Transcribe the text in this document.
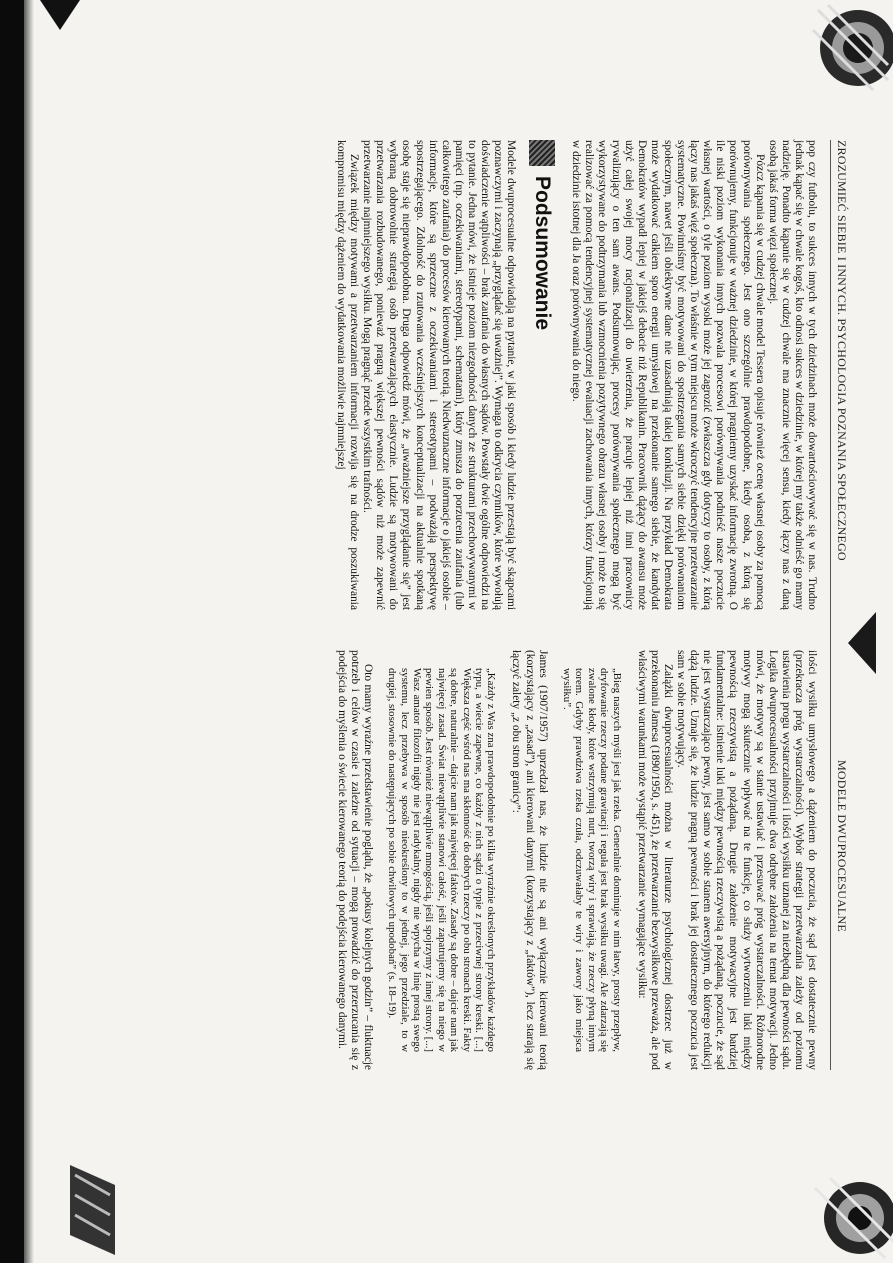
ZROZUMIEĆ SIEBIE I INNYCH. PSYCHOLOGIA POZNANIA SPOŁECZNEGO
MODELE DWUPROCESUALNE

pop czy futbolu, to sukces innych w tych dziedzinach może dowartościowywać się w nas. Trudno jednak kąpać się w chwale kogoś, kto odnosi sukces w dziedzinie, w której my także odnieść go mamy nadzieję. Ponadto kąpanie się w cudzej chwale ma znacznie więcej sensu, kiedy łączy nas z daną osobą jakaś forma więzi społecznej.

Pózcz kąpania się w cudzej chwale model Tessera opisuje również ocenę własnej osoby za pomocą porównywania społecznego. Jest ono szczególnie prawdopodobne, kiedy osoba, z którą się porównujemy, funkcjonuje w ważnej dziedzinie, w której pragniemy uzyskać informację zwrotną. O ile niski poziom wykonania innych pozwala procesowi porównywania podnieść nasze poczucie własnej wartości, o tyle poziom wysoki może jej zagrozić (zwłaszcza gdy dotyczy to osoby, z którą łączy nas jakaś więź społeczna). To właśnie w tym miejscu może wkroczyć tendencyjne przetwarzanie systematyczne. Powinniśmy być motywowani do spostrzegania samych siebie dzięki porównaniom społecznym, nawet jeśli obiektywne dane nie uzasadniają takiej konkluzji. Na przykład Demokrata może wydatkować całkiem sporo energii umysłowej na przekonanie samego siebie, że kandydat Demokratów wypadł lepiej w jakiejś debacie niż Republikanin. Pracownik dążący do awansu może użyć całej swojej mocy racjonalizacji do uwierzenia, że pracuje lepiej niż inni pracownicy rywalizujący o ten sam awans. Podsumowując, procesy porównywania społecznego mogą być wykorzystywane do podtrzymania lub wzmocnienia pozytywnego obrazu własnej osoby i może to się realizować za pomocą tendencyjnej systematycznej ewaluacji zachowania innych, którzy funkcjonują w dziedzinie istotnej dla Ja oraz porównywania do niego.

Podsumowanie

Modele dwuprocesualne odpowiadają na pytanie, w jaki sposób i kiedy ludzie przestają być skąpcami poznawczymi i zaczynają „przyglądać się uważniej”. Wymaga to odkrycia czynników, które wywołują doświadczenie wątpliwości – brak zaufania do własnych sądów. Powstały dwie ogólne odpowiedzi na to pytanie. Jedna mówi, że istnieje poziom niezgodności danych ze strukturami przechowywanymi w pamięci (np. oczekiwaniami, stereotypami, schematami), który zmusza do porzucenia zaufania (lub całkowitego zaufania) do procesów kierowanych teorią. Niedwuznaczne informacje o jakiejś osobie – informacje, które są sprzeczne z oczekiwaniami i stereotypami – podważają perspektywę spostrzegającego. Zdolność do rzutowania wcześniejszych konceptualizacji na aktualnie spotkaną osobę staje się nieprawdopodobna. Druga odpowiedź mówi, że „uważniejsze przyglądanie się” jest wybraną dobrowolnie strategią osób przetwarzających elastycznie. Ludzie są motywowani do przetwarzania rozbudowanego, ponieważ pragną większej pewności sądów niż może zapewnić przetwarzanie najmniejszego wysiłku. Mogą pragnąć przede wszystkim trafności.

Związek między motywami a przetwarzaniem informacji rozwija się na drodze poszukiwania kompromisu między dążeniem do wydatkowania możliwie najmniejszej

ilości wysiłku umysłowego a dążeniem do poczucia, że sąd jest dostatecznie pewny (przekracza próg wystarczalności). Wybór strategii przetwarzania zależy od poziomu ustawienia progu wystarczalności i ilości wysiłku uznanej za niezbędną dla pewności sądu. Logika dwuprocesualności przyjmuje dwa odrębne założenia na temat motywacji. Jedno mówi, że motywy są w stanie ustawiać i przesuwać próg wystarczalności. Różnorodne motywy mogą skutecznie wpływać na te funkcje, co służy wytworzeniu luki między pewnością rzeczywistą a pożądaną. Drugie założenie motywacyjne jest bardziej fundamentalne: istnienie luki między pewnością rzeczywistą a pożądaną, poczucie, że sąd nie jest wystarczająco pewny, jest samo w sobie stanem awersyjnym, do którego redukcji dążą ludzie. Uznaje się, że ludzie pragną pewności i brak jej dostatecznego poczucia jest sam w sobie motywujący.

Zalążki dwuprocesualności można w literaturze psychologicznej dostrzec już w przekonaniu Jamesa (1890/1950, s. 451), że przetwarzanie bezwysiłkowe przeważa, ale pod właściwymi warunkami może wystąpić przetwarzanie wymagające wysiłku:

„Bieg naszych myśli jest jak rzeka. Generalnie dominuje w nim łatwy, prosty przepływ, dryfowanie rzeczy podane grawitacji i reguła jest brak wysiłku uwagi. Ale zdarzają się zwalone kłody, które wstrzymują nurt, tworzą wiry i sprawiają, że rzeczy płyną innym torem. Gdyby prawdziwa rzeka czuła, odczuwałaby te wiry i zawory jako miejsca wysiłku”.

James (1907/1957) uprzedzał nas, że ludzie nie są ani wyłącznie kierowani teorią (korzystający z „zasad”), ani kierowani danymi (korzystający z „faktów”), lecz starają się łączyć zalety „z obu stron granicy”:

„Każdy z Was zna prawdopodobnie po kilka wyraźnie określonych przykładów każdego typu, a wiecie zapewne, co każdy z nich sądzi o typie z przeciwnej strony kreski. [...] Większa część wśród nas ma skłonność do dobrych rzeczy po obu stronach kreski. Fakty są dobre, naturalnie – dajcie nam jak najwięcej faktów. Zasady są dobre – dajcie nam jak najwięcej zasad. Świat niewątpliwie stanowi całość, jeśli zapatrujemy się na niego w pewien sposób. Jest również niewątpliwie mnogością, jeśli spojrzymy z innej strony. [...] Wasz amator filozofii nigdy nie jest radykalny, nigdy nie wpycha w linię prostą swego systemu, lecz przebywa w sposób nieokreślony to w jednej, jego przedziale, to w drugiej, stosownie do następujących po sobie chwilowych upodobań” (s. 18–19).

Oto mamy wyraźne przedstawienie poglądu, że „pokusy kolejnych godzin” – fluktuacje potrzeb i celów w czasie i zależne od sytuacji – mogą prowadzić do przerzucania się z podejścia do myślenia o świecie kierowanego teorią do podejścia kierowanego danymi.
